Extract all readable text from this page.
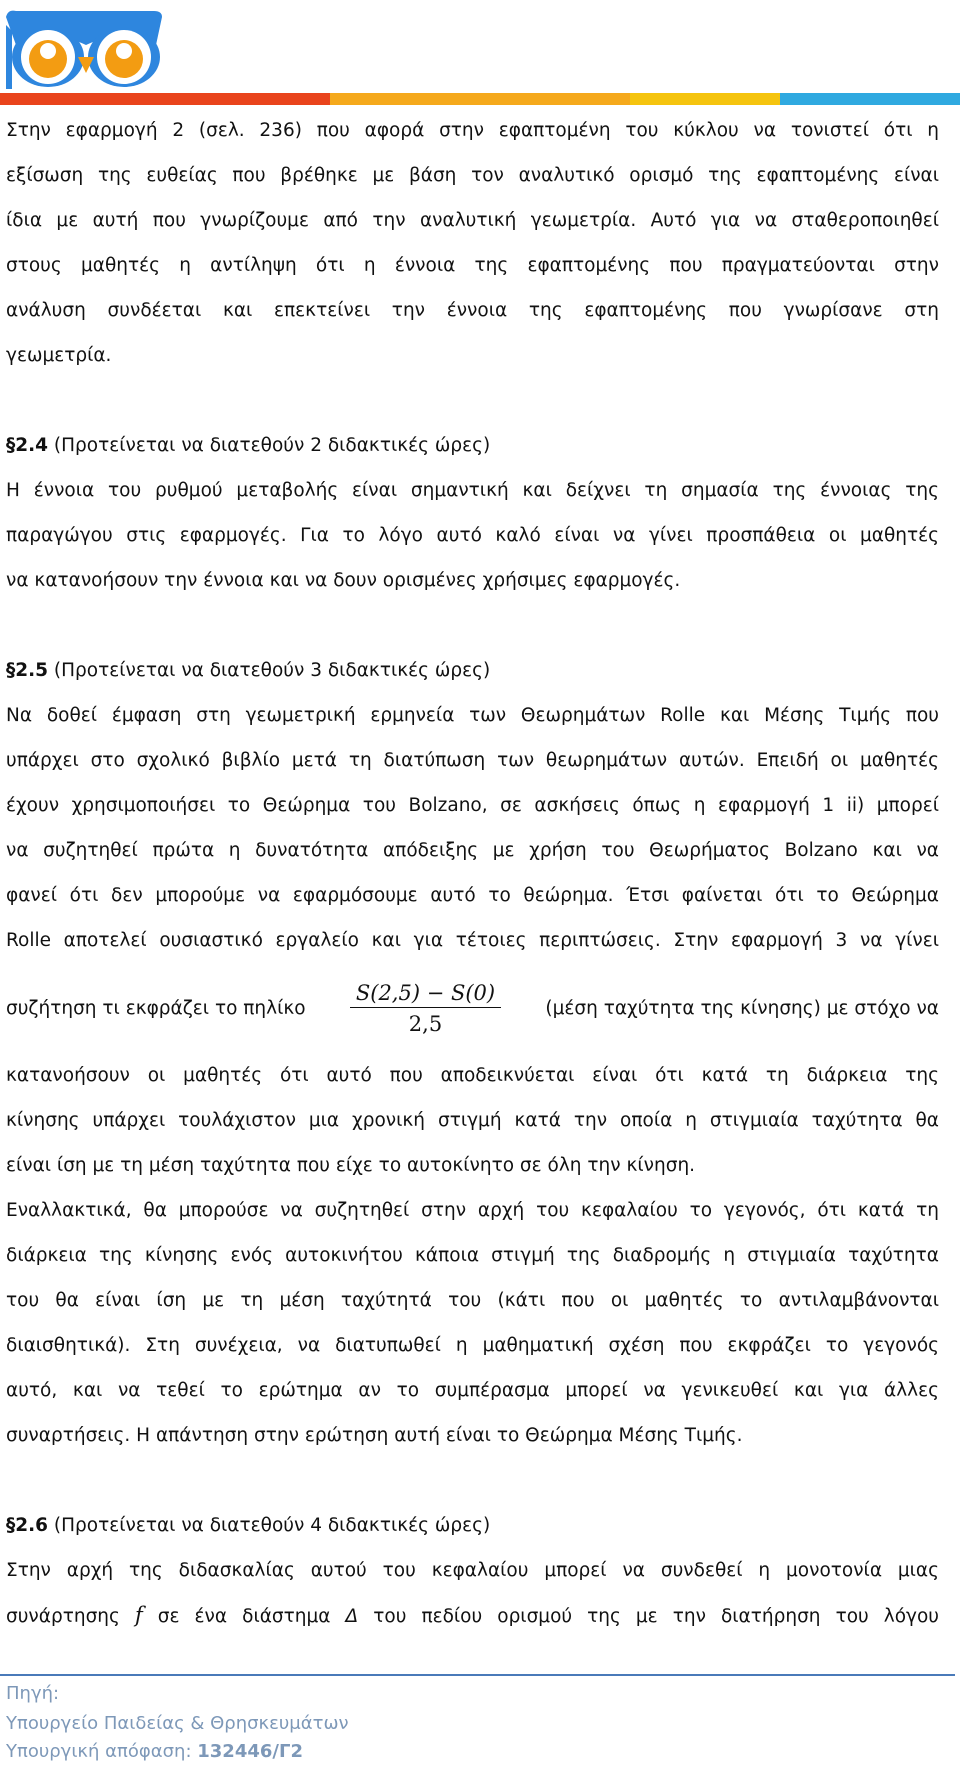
Στην εφαρμογή 2 (σελ. 236) που αφορά στην εφαπτομένη του κύκλου να τονιστεί ότι η

εξίσωση της ευθείας που βρέθηκε με βάση τον αναλυτικό ορισμό της εφαπτομένης είναι

ίδια με αυτή που γνωρίζουμε από την αναλυτική γεωμετρία. Αυτό για να σταθεροποιηθεί

στους μαθητές η αντίληψη ότι η έννοια της εφαπτομένης που πραγματεύονται στην

ανάλυση συνδέεται και επεκτείνει την έννοια της εφαπτομένης που γνωρίσανε στη

γεωμετρία.

§2.4 (Προτείνεται να διατεθούν 2 διδακτικές ώρες)

Η έννοια του ρυθμού μεταβολής είναι σημαντική και δείχνει τη σημασία της έννοιας της

παραγώγου στις εφαρμογές. Για το λόγο αυτό καλό είναι να γίνει προσπάθεια οι μαθητές

να κατανοήσουν την έννοια και να δουν ορισμένες χρήσιμες εφαρμογές.

§2.5 (Προτείνεται να διατεθούν 3 διδακτικές ώρες)

Να δοθεί έμφαση στη γεωμετρική ερμηνεία των Θεωρημάτων Rolle και Μέσης Τιμής που

υπάρχει στο σχολικό βιβλίο μετά τη διατύπωση των θεωρημάτων αυτών. Επειδή οι μαθητές

έχουν χρησιμοποιήσει το Θεώρημα του Bolzano, σε ασκήσεις όπως η εφαρμογή 1 ii) μπορεί

να συζητηθεί πρώτα η δυνατότητα απόδειξης με χρήση του Θεωρήματος Bolzano και να

φανεί ότι δεν μπορούμε να εφαρμόσουμε αυτό το θεώρημα. Έτσι φαίνεται ότι το Θεώρημα

Rolle αποτελεί ουσιαστικό εργαλείο και για τέτοιες περιπτώσεις. Στην εφαρμογή 3 να γίνει

συζήτηση τι εκφράζει το πηλίκο $\frac{S(2,5) - S(0)}{2,5} (\mu έ\sigma\eta$ ταχύτητα της κίνησης) με στόχο να

κατανοήσουν οι μαθητές ότι αυτό που αποδεικνύεται είναι ότι κατά τη διάρκεια της

κίνησης υπάρχει τουλάχιστον μια χρονική στιγμή κατά την οποία η στιγμιαία ταχύτητα θα

είναι ίση με τη μέση ταχύτητα που είχε το αυτοκίνητο σε όλη την κίνηση.

Εναλλακτικά, θα μπορούσε να συζητηθεί στην αρχή του κεφαλαίου το γεγονός, ότι κατά τη

διάρκεια της κίνησης ενός αυτοκινήτου κάποια στιγμή της διαδρομής η στιγμιαία ταχύτητα

του θα είναι ίση με τη μέση ταχύτητά του (κάτι που οι μαθητές το αντιλαμβάνονται

διαισθητικά). Στη συνέχεια, να διατυπωθεί η μαθηματική σχέση που εκφράζει το γεγονός

αυτό, και να τεθεί το ερώτημα αν το συμπέρασμα μπορεί να γενικευθεί και για άλλες

συναρτήσεις. Η απάντηση στην ερώτηση αυτή είναι το Θεώρημα Μέσης Τιμής.

§2.6 (Προτείνεται να διατεθούν 4 διδακτικές ώρες)

Στην αρχή της διδασκαλίας αυτού του κεφαλαίου μπορεί να συνδεθεί η μονοτονία μιας

συνάρτησης f σε ένα διάστημα Δ του πεδίου ορισμού της με την διατήρηση του λόγου

Πηγή:
Υπουργείο Παιδείας & Θρησκευμάτων
Υπουργική απόφαση: 132446/Γ2
